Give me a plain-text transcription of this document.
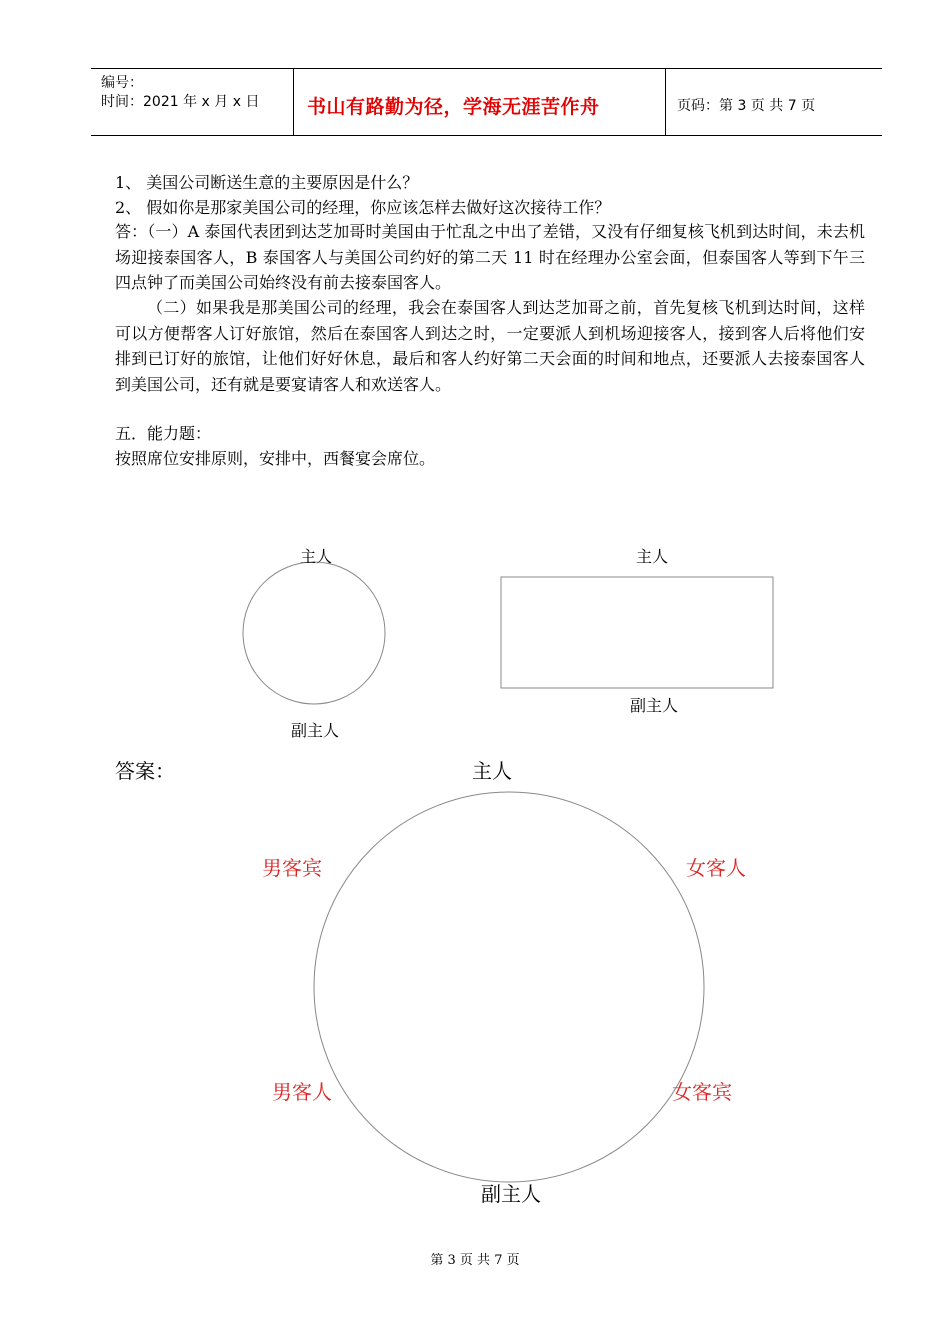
编号：
时间：2021 年 x 月 x 日	书山有路勤为径，学海无涯苦作舟	页码：第 3 页 共 7 页
1、 美国公司断送生意的主要原因是什么？
2、 假如你是那家美国公司的经理，你应该怎样去做好这次接待工作？
答：（一）A 泰国代表团到达芝加哥时美国由于忙乱之中出了差错，又没有仔细复核飞机到达时间，未去机场迎接泰国客人，B 泰国客人与美国公司约好的第二天 11 时在经理办公室会面，但泰国客人等到下午三四点钟了而美国公司始终没有前去接泰国客人。
（二）如果我是那美国公司的经理，我会在泰国客人到达芝加哥之前，首先复核飞机到达时间，这样可以方便帮客人订好旅馆，然后在泰国客人到达之时，一定要派人到机场迎接客人，接到客人后将他们安排到已订好的旅馆，让他们好好休息，最后和客人约好第二天会面的时间和地点，还要派人去接泰国客人到美国公司，还有就是要宴请客人和欢送客人。
五．能力题：
按照席位安排原则，安排中，西餐宴会席位。
主人
副主人
主人
副主人
答案：	主人
男客宾	女客人
男客人	女客宾
副主人
第 3 页 共 7 页
